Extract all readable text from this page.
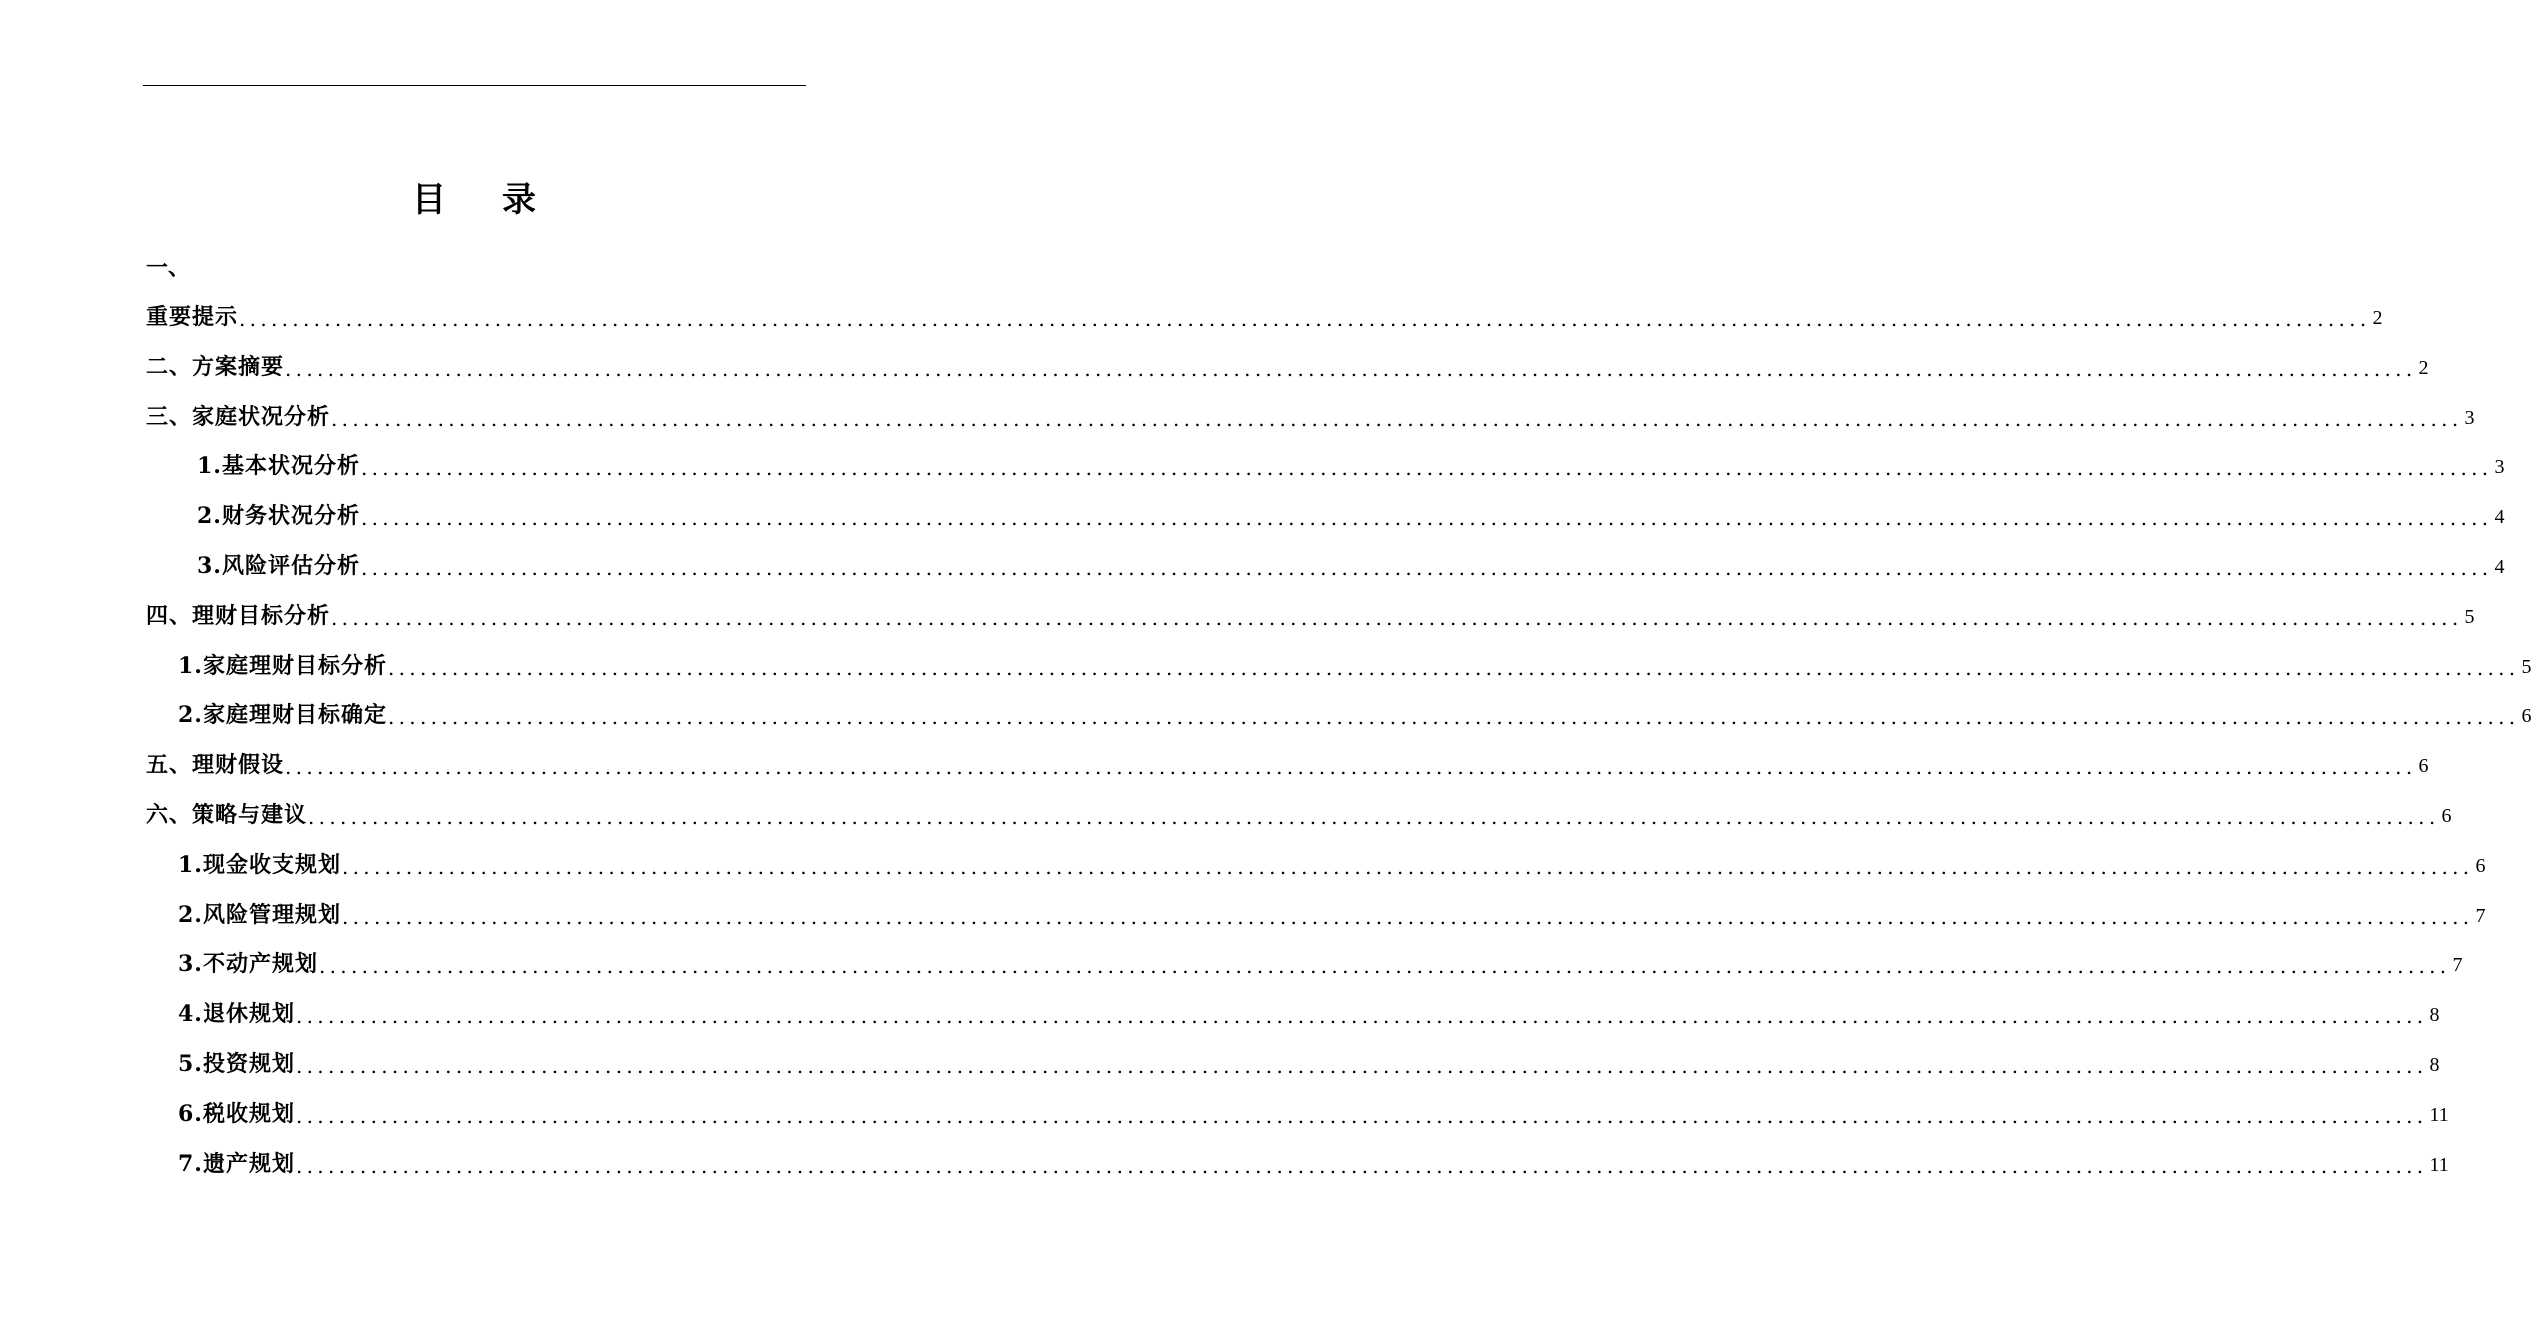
目 录
一、
重要提示 ........................................................................................................................................................................................................ 2
二、方案摘要 ........................................................................................................................................................................................................ 2
三、家庭状况分析 ........................................................................................................................................................................................................ 3
1.基本状况分析 ........................................................................................................................................................................................................ 3
2.财务状况分析 ........................................................................................................................................................................................................ 4
3.风险评估分析 ........................................................................................................................................................................................................ 4
四、理财目标分析 ........................................................................................................................................................................................................ 5
1.家庭理财目标分析 ........................................................................................................................................................................................................ 5
2.家庭理财目标确定 ........................................................................................................................................................................................................ 6
五、理财假设 ........................................................................................................................................................................................................ 6
六、策略与建议 ........................................................................................................................................................................................................ 6
1.现金收支规划 ........................................................................................................................................................................................................ 6
2.风险管理规划 ........................................................................................................................................................................................................ 7
3.不动产规划 ........................................................................................................................................................................................................ 7
4.退休规划 ........................................................................................................................................................................................................ 8
5.投资规划 ........................................................................................................................................................................................................ 8
6.税收规划 ........................................................................................................................................................................................................ 11
7.遗产规划 ........................................................................................................................................................................................................ 11
